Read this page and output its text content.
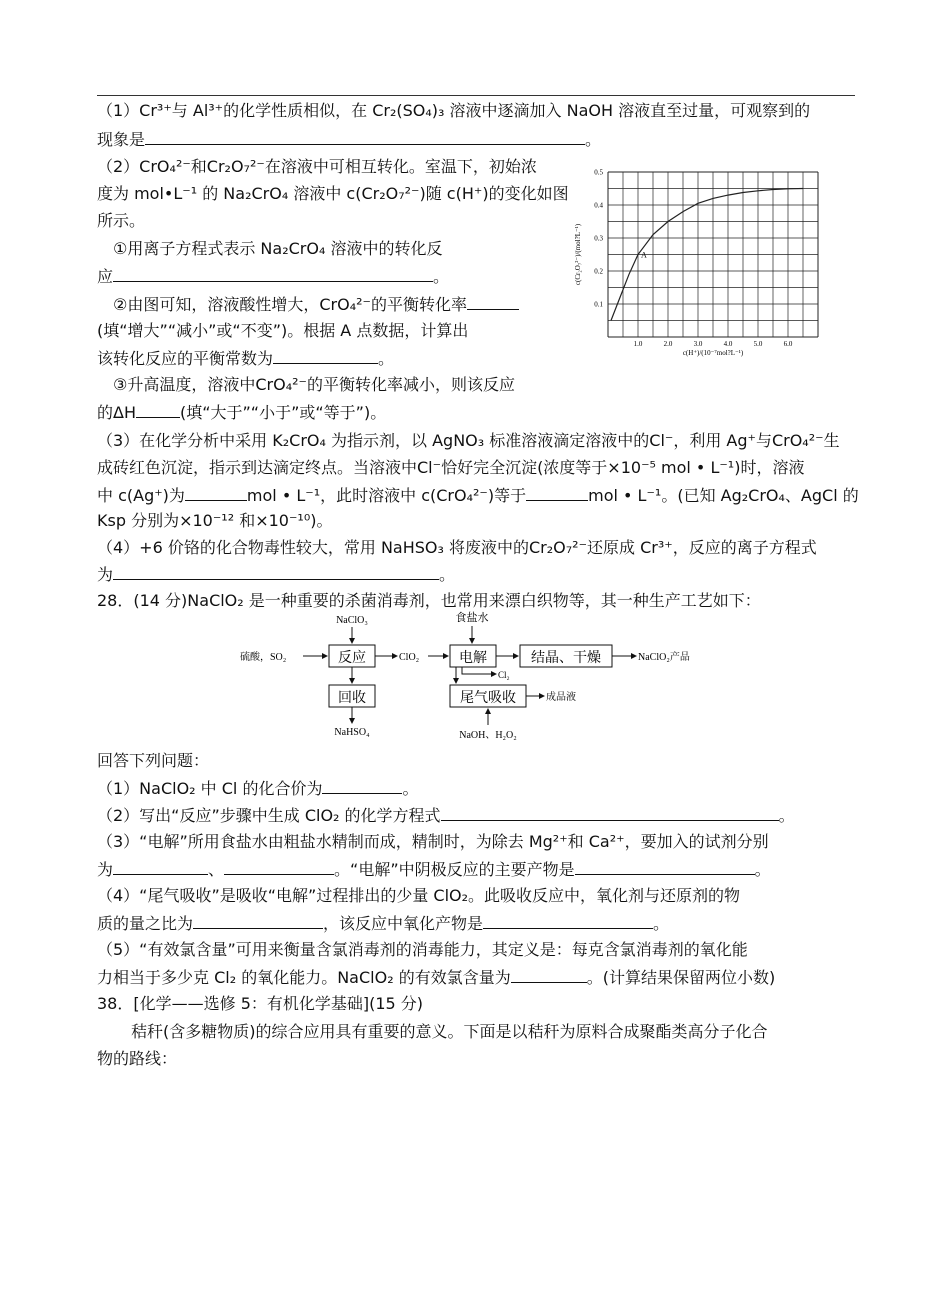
（1）Cr³⁺与 Al³⁺的化学性质相似，在 Cr₂(SO₄)₃ 溶液中逐滴加入 NaOH 溶液直至过量，可观察到的
现象是	。
（2）CrO₄²⁻和Cr₂O₇²⁻在溶液中可相互转化。室温下，初始浓
度为 mol•L⁻¹ 的 Na₂CrO₄ 溶液中 c(Cr₂O₇²⁻)随 c(H⁺)的变化如图
所示。
①用离子方程式表示 Na₂CrO₄ 溶液中的转化反
应	。
②由图可知，溶液酸性增大，CrO₄²⁻的平衡转化率
(填“增大”“减小”或“不变”)。根据 A 点数据，计算出
该转化反应的平衡常数为	。
③升高温度，溶液中CrO₄²⁻的平衡转化率减小，则该反应
的ΔH	(填“大于”“小于”或“等于”)。
1.0	2.0	3.0	4.0	5.0	6.0
0.1
0.2
0.3
0.4
0.5
A
c(H⁺)/(10⁻⁷mol?L⁻¹)
c(Cr₂O₇²⁻)/(mol?L⁻¹)
（3）在化学分析中采用 K₂CrO₄ 为指示剂，以 AgNO₃ 标准溶液滴定溶液中的Cl⁻，利用 Ag⁺与CrO₄²⁻生
成砖红色沉淀，指示到达滴定终点。当溶液中Cl⁻恰好完全沉淀(浓度等于×10⁻⁵ mol • L⁻¹)时，溶液
中 c(Ag⁺)为	mol • L⁻¹，此时溶液中 c(CrO₄²⁻)等于	mol • L⁻¹。(已知 Ag₂CrO₄、AgCl 的
Ksp 分别为×10⁻¹² 和×10⁻¹⁰)。
（4）+6 价铬的化合物毒性较大，常用 NaHSO₃ 将废液中的Cr₂O₇²⁻还原成 Cr³⁺，反应的离子方程式
为	。
28．(14 分)NaClO₂ 是一种重要的杀菌消毒剂，也常用来漂白织物等，其一种生产工艺如下：
NaClO₃	食盐水
硫酸，SO₂	反应	ClO₂	电解	结晶、干燥	NaClO₂产品
Cl₂
回收	尾气吸收	成品液
NaHSO₄	NaOH、H₂O₂
回答下列问题：
（1）NaClO₂ 中 Cl 的化合价为	。
（2）写出“反应”步骤中生成 ClO₂ 的化学方程式	。
（3）“电解”所用食盐水由粗盐水精制而成，精制时，为除去 Mg²⁺和 Ca²⁺，要加入的试剂分别
为	、	。“电解”中阴极反应的主要产物是	。
（4）“尾气吸收”是吸收“电解”过程排出的少量 ClO₂。此吸收反应中，氧化剂与还原剂的物
质的量之比为	，该反应中氧化产物是	。
（5）“有效氯含量”可用来衡量含氯消毒剂的消毒能力，其定义是：每克含氯消毒剂的氧化能
力相当于多少克 Cl₂ 的氧化能力。NaClO₂ 的有效氯含量为	。(计算结果保留两位小数)
38．[化学——选修 5：有机化学基础](15 分)
秸秆(含多糖物质)的综合应用具有重要的意义。下面是以秸秆为原料合成聚酯类高分子化合
物的路线：
